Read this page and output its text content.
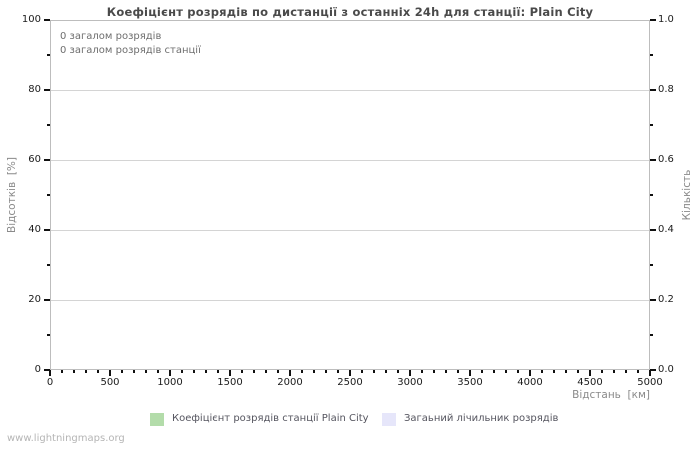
Коефіцієнт розрядів по дистанції з останніх 24h для станції: Plain City
0	0.0
20	0.2
40	0.4
60	0.6
80	0.8
100	1.0
0	500	1000	1500	2000	2500	3000	3500	4000	4500	5000
0 загалом розрядів
0 загалом розрядів станції
Відсотків  [%]	Кількість
Відстань  [км]
www.lightningmaps.org
Коефіцієнт розрядів станції Plain City	Загаьний лічильник розрядів
